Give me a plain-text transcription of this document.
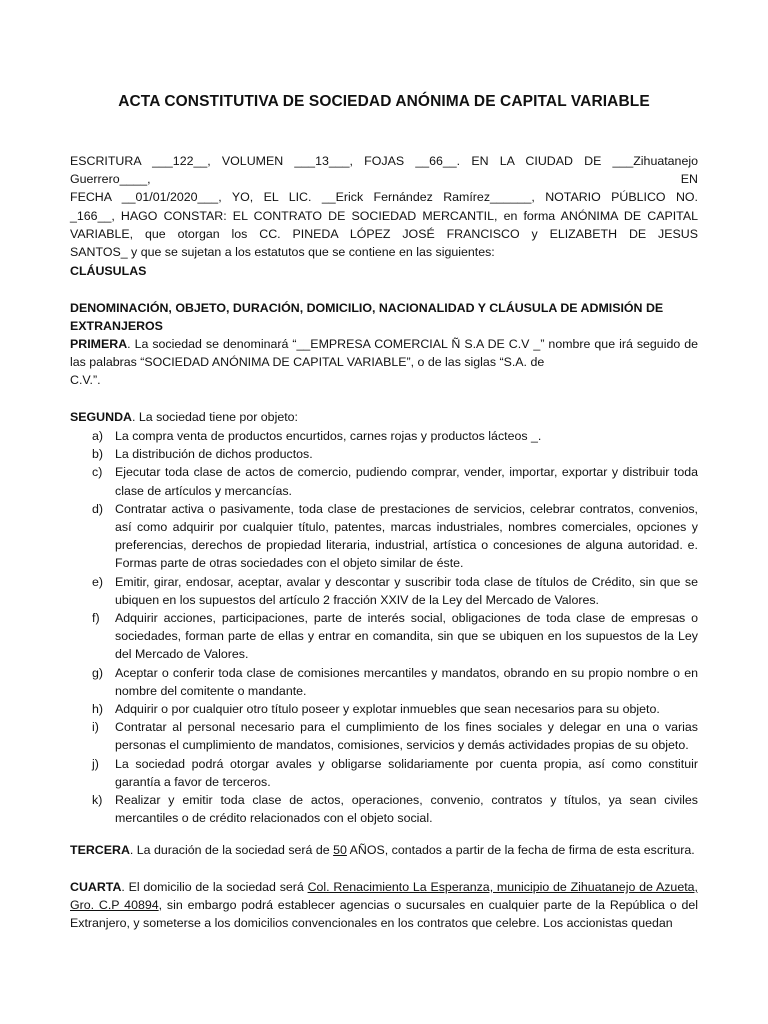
ACTA CONSTITUTIVA DE SOCIEDAD ANÓNIMA DE CAPITAL VARIABLE

ESCRITURA ___122__, VOLUMEN ___13___, FOJAS __66__. EN LA CIUDAD DE ___Zihuatanejo Guerrero____, EN

FECHA __01/01/2020___, YO, EL LIC. __Erick Fernández Ramírez______, NOTARIO PÚBLICO NO.

_166__, HAGO CONSTAR: EL CONTRATO DE SOCIEDAD MERCANTIL, en forma ANÓNIMA DE CAPITAL

VARIABLE, que otorgan los CC. PINEDA LÓPEZ JOSÉ FRANCISCO y ELIZABETH DE JESUS

SANTOS_ y que se sujetan a los estatutos que se contiene en las siguientes:

CLÁUSULAS
DENOMINACIÓN, OBJETO, DURACIÓN, DOMICILIO, NACIONALIDAD Y CLÁUSULA DE ADMISIÓN DE EXTRANJEROS

PRIMERA. La sociedad se denominará “__EMPRESA COMERCIAL Ñ S.A DE C.V _” nombre que irá seguido de las palabras “SOCIEDAD ANÓNIMA DE CAPITAL VARIABLE”, o de las siglas “S.A. de

C.V.”.

SEGUNDA. La sociedad tiene por objeto:
a) La compra venta de productos encurtidos, carnes rojas y productos lácteos _.
b) La distribución de dichos productos.
c)	Ejecutar toda clase de actos de comercio, pudiendo comprar, vender, importar, exportar y distribuir toda clase de artículos y mercancías.
d) Contratar activa o pasivamente, toda clase de prestaciones de servicios, celebrar contratos, convenios, así como adquirir por cualquier título, patentes, marcas industriales, nombres comerciales, opciones y preferencias, derechos de propiedad literaria, industrial, artística o concesiones de alguna autoridad. e. Formas parte de otras sociedades con el objeto similar de éste.
e) Emitir, girar, endosar, aceptar, avalar y descontar y suscribir toda clase de títulos de Crédito, sin que se ubiquen en los supuestos del artículo 2 fracción XXIV de la Ley del Mercado de Valores.
f)	Adquirir acciones, participaciones, parte de interés social, obligaciones de toda clase de empresas o sociedades, forman parte de ellas y entrar en comandita, sin que se ubiquen en los supuestos de la Ley del Mercado de Valores.
g) Aceptar o conferir toda clase de comisiones mercantiles y mandatos, obrando en su propio nombre o en nombre del comitente o mandante.
h) Adquirir o por cualquier otro título poseer y explotar inmuebles que sean necesarios para su objeto.
i)	Contratar al personal necesario para el cumplimiento de los fines sociales y delegar en una o varias personas el cumplimiento de mandatos, comisiones, servicios y demás actividades propias de su objeto.
j)	La sociedad podrá otorgar avales y obligarse solidariamente por cuenta propia, así como constituir garantía a favor de terceros.
k)	Realizar y emitir toda clase de actos, operaciones, convenio, contratos y títulos, ya sean civiles mercantiles o de crédito relacionados con el objeto social.
TERCERA. La duración de la sociedad será de 50 AÑOS, contados a partir de la fecha de firma de esta escritura.
CUARTA. El domicilio de la sociedad será Col. Renacimiento La Esperanza, municipio de Zihuatanejo de Azueta, Gro. C.P 40894, sin embargo podrá establecer agencias o sucursales en cualquier parte de la República o del Extranjero, y someterse a los domicilios convencionales en los contratos que celebre. Los accionistas quedan
